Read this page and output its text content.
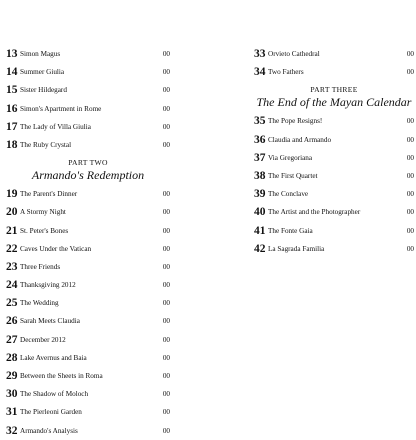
13 Simon Magus	00
14 Summer Giulia	00
15 Sister Hildegard	00
16 Simon's Apartment in Rome	00
17 The Lady of Villa Giulia	00
18 The Ruby Crystal	00
PART TWO
Armando's Redemption
19 The Parent's Dinner	00
20 A Stormy Night	00
21 St. Peter's Bones	00
22 Caves Under the Vatican	00
23 Three Friends	00
24 Thanksgiving 2012	00
25 The Wedding	00
26 Sarah Meets Claudia	00
27 December 2012	00
28 Lake Avernus and Baia	00
29 Between the Sheets in Roma	00
30 The Shadow of Moloch	00
31 The Pierleoni Garden	00
32 Armando's Analysis	00
33 Orvieto Cathedral	00
34 Two Fathers	00
PART THREE
The End of the Mayan Calendar
35 The Pope Resigns!	00
36 Claudia and Armando	00
37 Via Gregoriana	00
38 The First Quartet	00
39 The Conclave	00
40 The Artist and the Photographer	00
41 The Fonte Gaia	00
42 La Sagrada Familia	00
